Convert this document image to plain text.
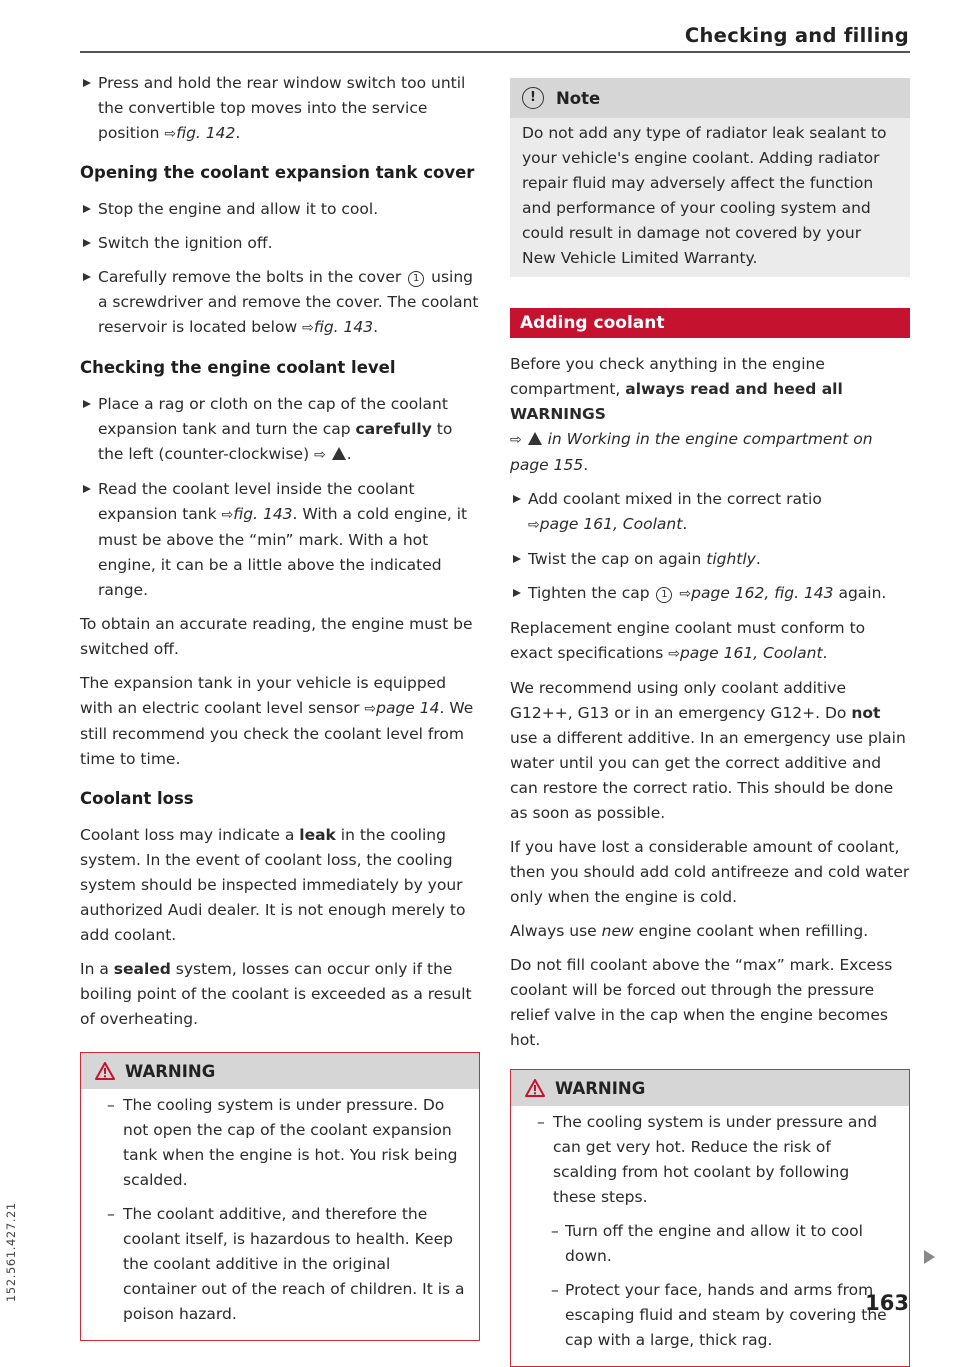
Checking and filling

Press and hold the rear window switch too until the convertible top moves into the service position ⇨fig. 142.

Opening the coolant expansion tank cover

Stop the engine and allow it to cool.

Switch the ignition off.

Carefully remove the bolts in the cover 1 using a screwdriver and remove the cover. The coolant reservoir is located below ⇨fig. 143.

Checking the engine coolant level

Place a rag or cloth on the cap of the coolant expansion tank and turn the cap carefully to the left (counter-clockwise) ⇨ .

Read the coolant level inside the coolant expansion tank ⇨fig. 143. With a cold engine, it must be above the “min” mark. With a hot engine, it can be a little above the indicated range.

To obtain an accurate reading, the engine must be switched off.

The expansion tank in your vehicle is equipped with an electric coolant level sensor ⇨page 14. We still recommend you check the coolant level from time to time.

Coolant loss

Coolant loss may indicate a leak in the cooling system. In the event of coolant loss, the cooling system should be inspected immediately by your authorized Audi dealer. It is not enough merely to add coolant.

In a sealed system, losses can occur only if the boiling point of the coolant is exceeded as a result of overheating.

WARNING

– The cooling system is under pressure. Do not open the cap of the coolant expansion tank when the engine is hot. You risk being scalded.

– The coolant additive, and therefore the coolant itself, is hazardous to health. Keep the coolant additive in the original container out of the reach of children. It is a poison hazard.

!	Note
Do not add any type of radiator leak sealant to your vehicle's engine coolant. Adding radiator repair fluid may adversely affect the function and performance of your cooling system and could result in damage not covered by your New Vehicle Limited Warranty.
Adding coolant

Before you check anything in the engine compartment, always read and heed all WARNINGS
⇨ in Working in the engine compartment on page 155.

Add coolant mixed in the correct ratio
⇨page 161, Coolant.

Twist the cap on again tightly.

Tighten the cap 1 ⇨page 162, fig. 143 again.

Replacement engine coolant must conform to exact specifications ⇨page 161, Coolant.

We recommend using only coolant additive G12++, G13 or in an emergency G12+. Do not use a different additive. In an emergency use plain water until you can get the correct additive and can restore the correct ratio. This should be done as soon as possible.

If you have lost a considerable amount of coolant, then you should add cold antifreeze and cold water only when the engine is cold.

Always use new engine coolant when refilling.

Do not fill coolant above the “max” mark. Excess coolant will be forced out through the pressure relief valve in the cap when the engine becomes hot.

WARNING

– The cooling system is under pressure and can get very hot. Reduce the risk of scalding from hot coolant by following these steps.

– Turn off the engine and allow it to cool down.

– Protect your face, hands and arms from escaping fluid and steam by covering the cap with a large, thick rag.

163
152.561.427.21
